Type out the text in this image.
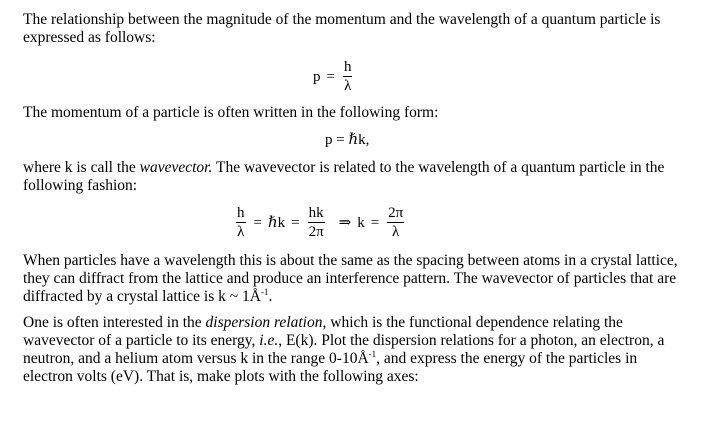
The relationship between the magnitude of the momentum and the wavelength of a quantum particle is expressed as follows:
$p = \frac{h}{\lambda}$
The momentum of a particle is often written in the following form:
p = ℏk,
where k is call the wavevector. The wavevector is related to the wavelength of a quantum particle in the following fashion:
$\frac{h}{\lambda}$ = ℏk = $\frac{hk}{2\pi}$ ⇒ $k = \frac{2\pi}{\lambda}$
When particles have a wavelength this is about the same as the spacing between atoms in a crystal lattice, they can diffract from the lattice and produce an interference pattern. The wavevector of particles that are diffracted by a crystal lattice is k ~ $1Å^{-1}$.
One is often interested in the dispersion relation, which is the functional dependence relating the wavevector of a particle to its energy, i.e., E(k). Plot the dispersion relations for a photon, an electron, a neutron, and a helium atom versus k in the range $0-10Å^{-1}$, and express the energy of the particles in electron volts (eV). That is, make plots with the following axes:
